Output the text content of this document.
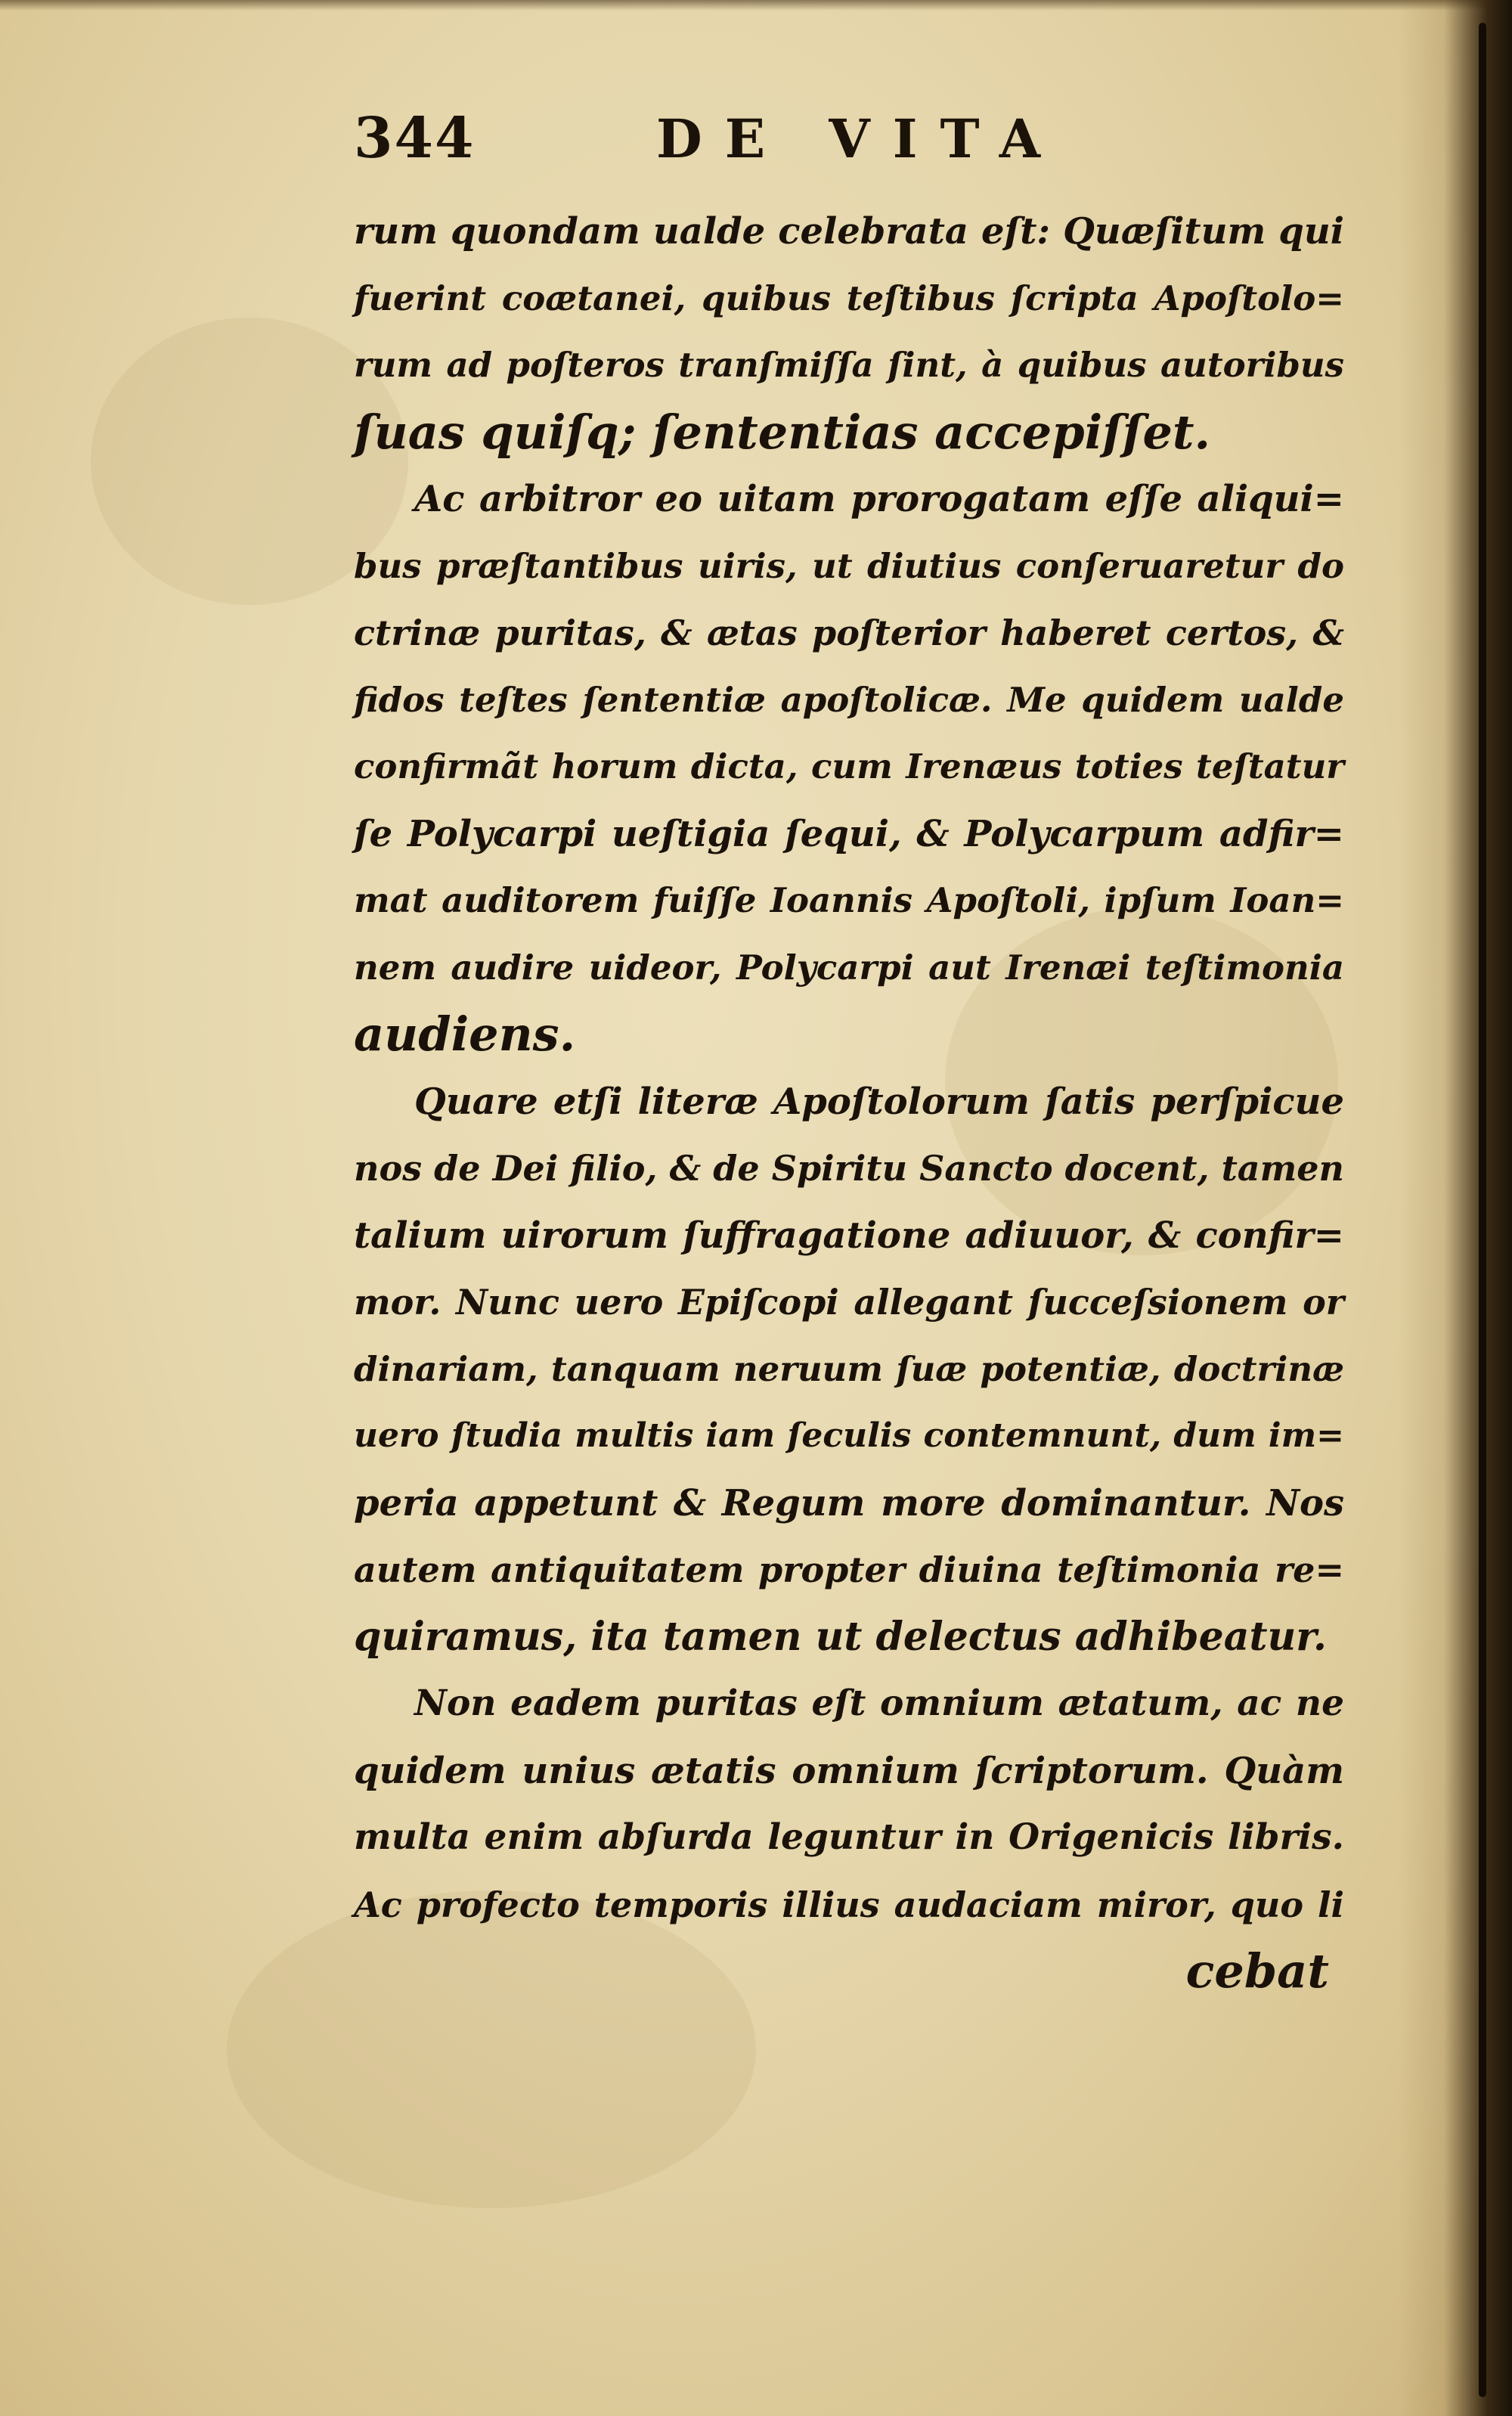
344	DE VITA
rum quondam ualde celebrata eſt: Quæſitum qui
fuerint coætanei, quibus teſtibus ſcripta Apoſtolo=
rum ad poſteros tranſmiſſa ſint, à quibus autoribus
ſuas quiſq; ſententias accepiſſet.
Ac arbitror eo uitam prorogatam eſſe aliqui=
bus præſtantibus uiris, ut diutius conſeruaretur do
ctrinæ puritas, & ætas poſterior haberet certos, &
fidos teſtes ſententiæ apoſtolicæ. Me quidem ualde
confirmãt horum dicta, cum Irenæus toties teſtatur
ſe Polycarpi ueſtigia ſequi, & Polycarpum adfir=
mat auditorem fuiſſe Ioannis Apoſtoli, ipſum Ioan=
nem audire uideor, Polycarpi aut Irenæi teſtimonia
audiens.
Quare etſi literæ Apoſtolorum ſatis perſpicue
nos de Dei filio, & de Spiritu Sancto docent, tamen
talium uirorum ſuffragatione adiuuor, & confir=
mor. Nunc uero Epiſcopi allegant ſucceſsionem or
dinariam, tanquam neruum ſuæ potentiæ, doctrinæ
uero ſtudia multis iam ſeculis contemnunt, dum im=
peria appetunt & Regum more dominantur. Nos
autem antiquitatem propter diuina teſtimonia re=
quiramus, ita tamen ut delectus adhibeatur.
Non eadem puritas eſt omnium ætatum, ac ne
quidem unius ætatis omnium ſcriptorum. Quàm
multa enim abſurda leguntur in Origenicis libris.
Ac profecto temporis illius audaciam miror, quo li
cebat
